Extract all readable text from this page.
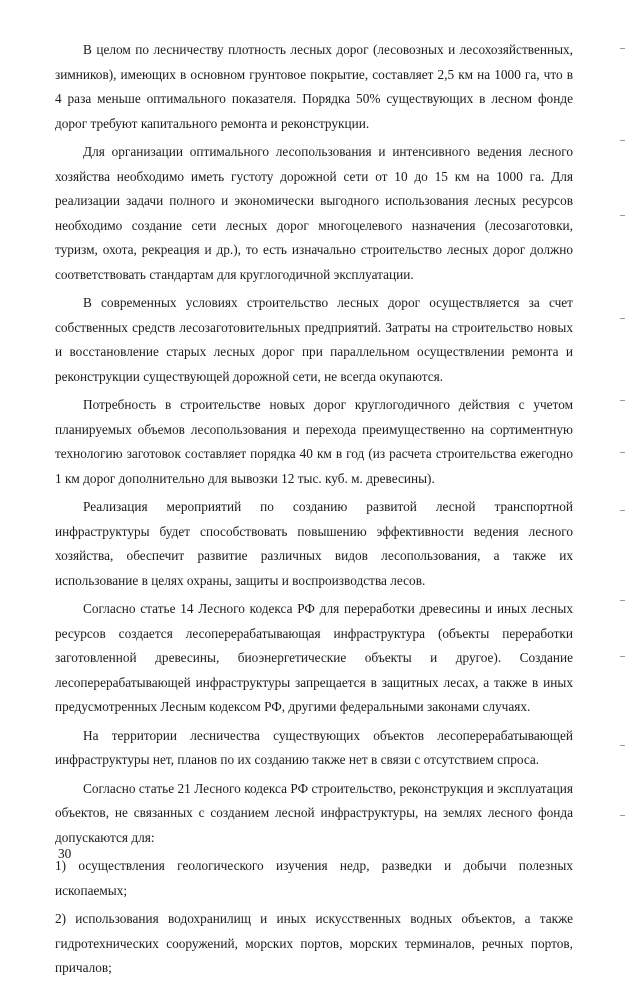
В целом по лесничеству плотность лесных дорог (лесовозных и лесохозяйственных, зимников), имеющих в основном грунтовое покрытие, составляет 2,5 км на 1000 га, что в 4 раза меньше оптимального показателя. Порядка 50% существующих в лесном фонде дорог требуют капитального ремонта и реконструкции.

Для организации оптимального лесопользования и интенсивного ведения лесного хозяйства необходимо иметь густоту дорожной сети от 10 до 15 км на 1000 га. Для реализации задачи полного и экономически выгодного использования лесных ресурсов необходимо создание сети лесных дорог многоцелевого назначения (лесозаготовки, туризм, охота, рекреация и др.), то есть изначально строительство лесных дорог должно соответствовать стандартам для круглогодичной эксплуатации.

В современных условиях строительство лесных дорог осуществляется за счет собственных средств лесозаготовительных предприятий. Затраты на строительство новых и восстановление старых лесных дорог при параллельном осуществлении ремонта и реконструкции существующей дорожной сети, не всегда окупаются.

Потребность в строительстве новых дорог круглогодичного действия с учетом планируемых объемов лесопользования и перехода преимущественно на сортиментную технологию заготовок составляет порядка 40 км в год (из расчета строительства ежегодно 1 км дорог дополнительно для вывозки 12 тыс. куб. м. древесины).

Реализация мероприятий по созданию развитой лесной транспортной инфраструктуры будет способствовать повышению эффективности ведения лесного хозяйства, обеспечит развитие различных видов лесопользования, а также их использование в целях охраны, защиты и воспроизводства лесов.

Согласно статье 14 Лесного кодекса РФ для переработки древесины и иных лесных ресурсов создается лесоперерабатывающая инфраструктура (объекты переработки заготовленной древесины, биоэнергетические объекты и другое). Создание лесоперерабатывающей инфраструктуры запрещается в защитных лесах, а также в иных предусмотренных Лесным кодексом РФ, другими федеральными законами случаях.

На территории лесничества существующих объектов лесоперерабатывающей инфраструктуры нет, планов по их созданию также нет в связи с отсутствием спроса.

Согласно статье 21 Лесного кодекса РФ строительство, реконструкция и эксплуатация объектов, не связанных с созданием лесной инфраструктуры, на землях лесного фонда допускаются для:

1) осуществления геологического изучения недр, разведки и добычи полезных ископаемых;

2) использования водохранилищ и иных искусственных водных объектов, а также гидротехнических сооружений, морских портов, морских терминалов, речных портов, причалов;

30
